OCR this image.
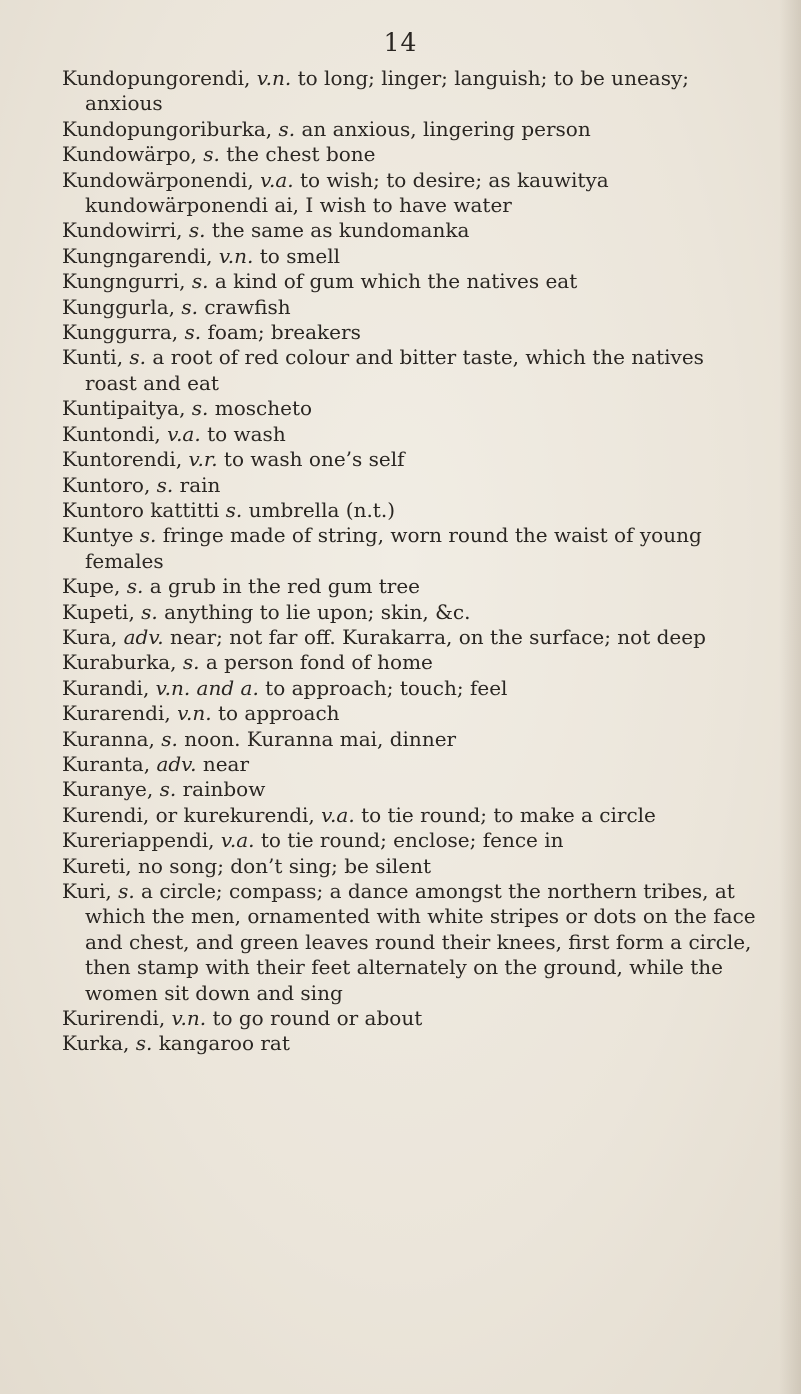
14

Kundopungorendi, v.n. to long; linger; languish; to be uneasy; anxious

Kundopungoriburka, s. an anxious, lingering person

Kundowärpo, s. the chest bone

Kundowärponendi, v.a. to wish; to desire; as kauwitya kundowärponendi ai, I wish to have water

Kundowirri, s. the same as kundomanka

Kungngarendi, v.n. to smell

Kungngurri, s. a kind of gum which the natives eat

Kunggurla, s. crawfish

Kunggurra, s. foam; breakers

Kunti, s. a root of red colour and bitter taste, which the natives roast and eat

Kuntipaitya, s. moscheto

Kuntondi, v.a. to wash

Kuntorendi, v.r. to wash one’s self

Kuntoro, s. rain

Kuntoro kattitti s. umbrella (n.t.)

Kuntye s. fringe made of string, worn round the waist of young females

Kupe, s. a grub in the red gum tree

Kupeti, s. anything to lie upon; skin, &c.

Kura, adv. near; not far off. Kurakarra, on the surface; not deep

Kuraburka, s. a person fond of home

Kurandi, v.n. and a. to approach; touch; feel

Kurarendi, v.n. to approach

Kuranna, s. noon. Kuranna mai, dinner

Kuranta, adv. near

Kuranye, s. rainbow

Kurendi, or kurekurendi, v.a. to tie round; to make a circle

Kureriappendi, v.a. to tie round; enclose; fence in

Kureti, no song; don’t sing; be silent

Kuri, s. a circle; compass; a dance amongst the northern tribes, at which the men, ornamented with white stripes or dots on the face and chest, and green leaves round their knees, first form a circle, then stamp with their feet alternately on the ground, while the women sit down and sing

Kurirendi, v.n. to go round or about

Kurka, s. kangaroo rat
